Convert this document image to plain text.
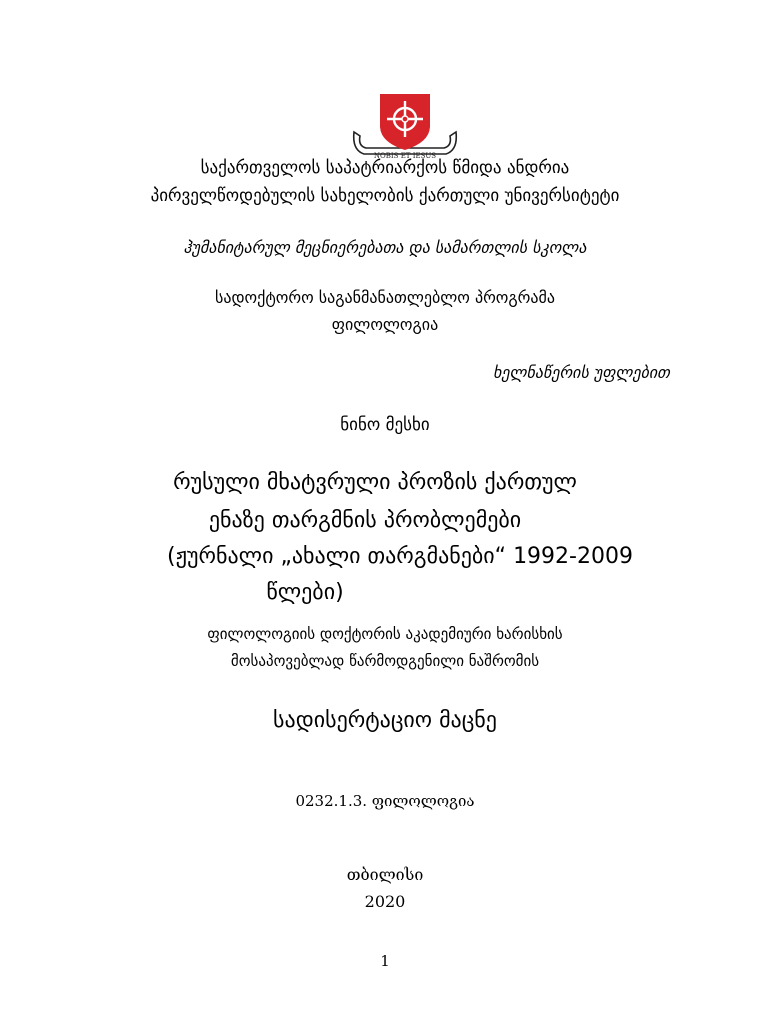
NOBIS ET IESUS
საქართველოს საპატრიარქოს წმიდა ანდრია
პირველწოდებულის სახელობის ქართული უნივერსიტეტი
ჰუმანიტარულ მეცნიერებათა და სამართლის სკოლა
სადოქტორო საგანმანათლებლო პროგრამა
ფილოლოგია
ხელნაწერის უფლებით
ნინო მესხი
რუსული მხატვრული პროზის ქართულ
ენაზე თარგმნის პრობლემები
(ჟურნალი „ახალი თარგმანები“ 1992-2009
წლები)
ფილოლოგიის დოქტორის აკადემიური ხარისხის
მოსაპოვებლად წარმოდგენილი ნაშრომის
სადისერტაციო მაცნე
0232.1.3. ფილოლოგია
თბილისი
2020
1
